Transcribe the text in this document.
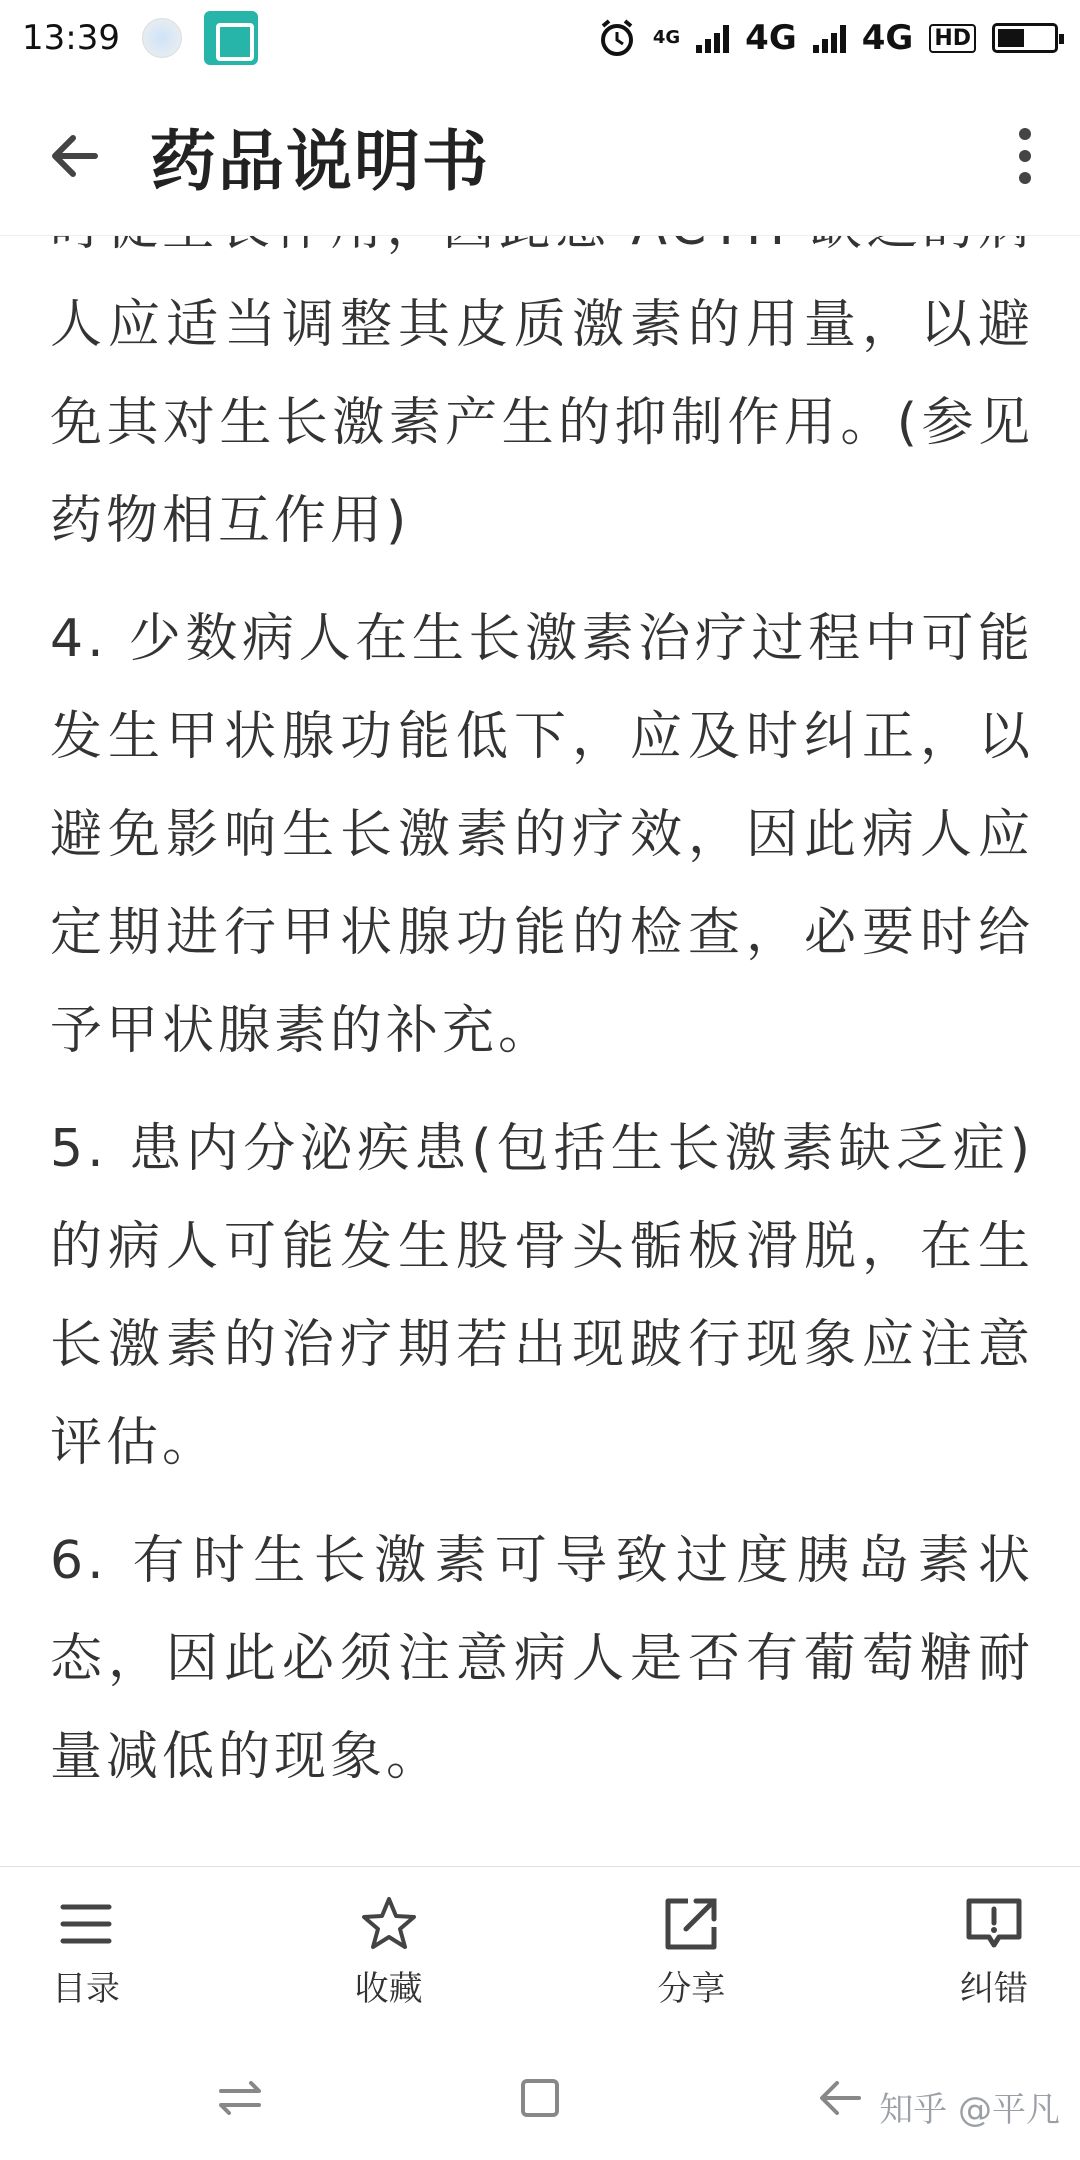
13:39	4G 4G 4G HD
药品说明书

人应适当调整其皮质激素的用量，以避免其对生长激素产生的抑制作用。(参见药物相互作用)

4. 少数病人在生长激素治疗过程中可能发生甲状腺功能低下，应及时纠正，以避免影响生长激素的疗效，因此病人应定期进行甲状腺功能的检查，必要时给予甲状腺素的补充。

5. 患内分泌疾患(包括生长激素缺乏症)的病人可能发生股骨头骺板滑脱，在生长激素的治疗期若出现跛行现象应注意评估。

6. 有时生长激素可导致过度胰岛素状态，因此必须注意病人是否有葡萄糖耐量减低的现象。

目录	收藏	分享	纠错
知乎 @平凡
